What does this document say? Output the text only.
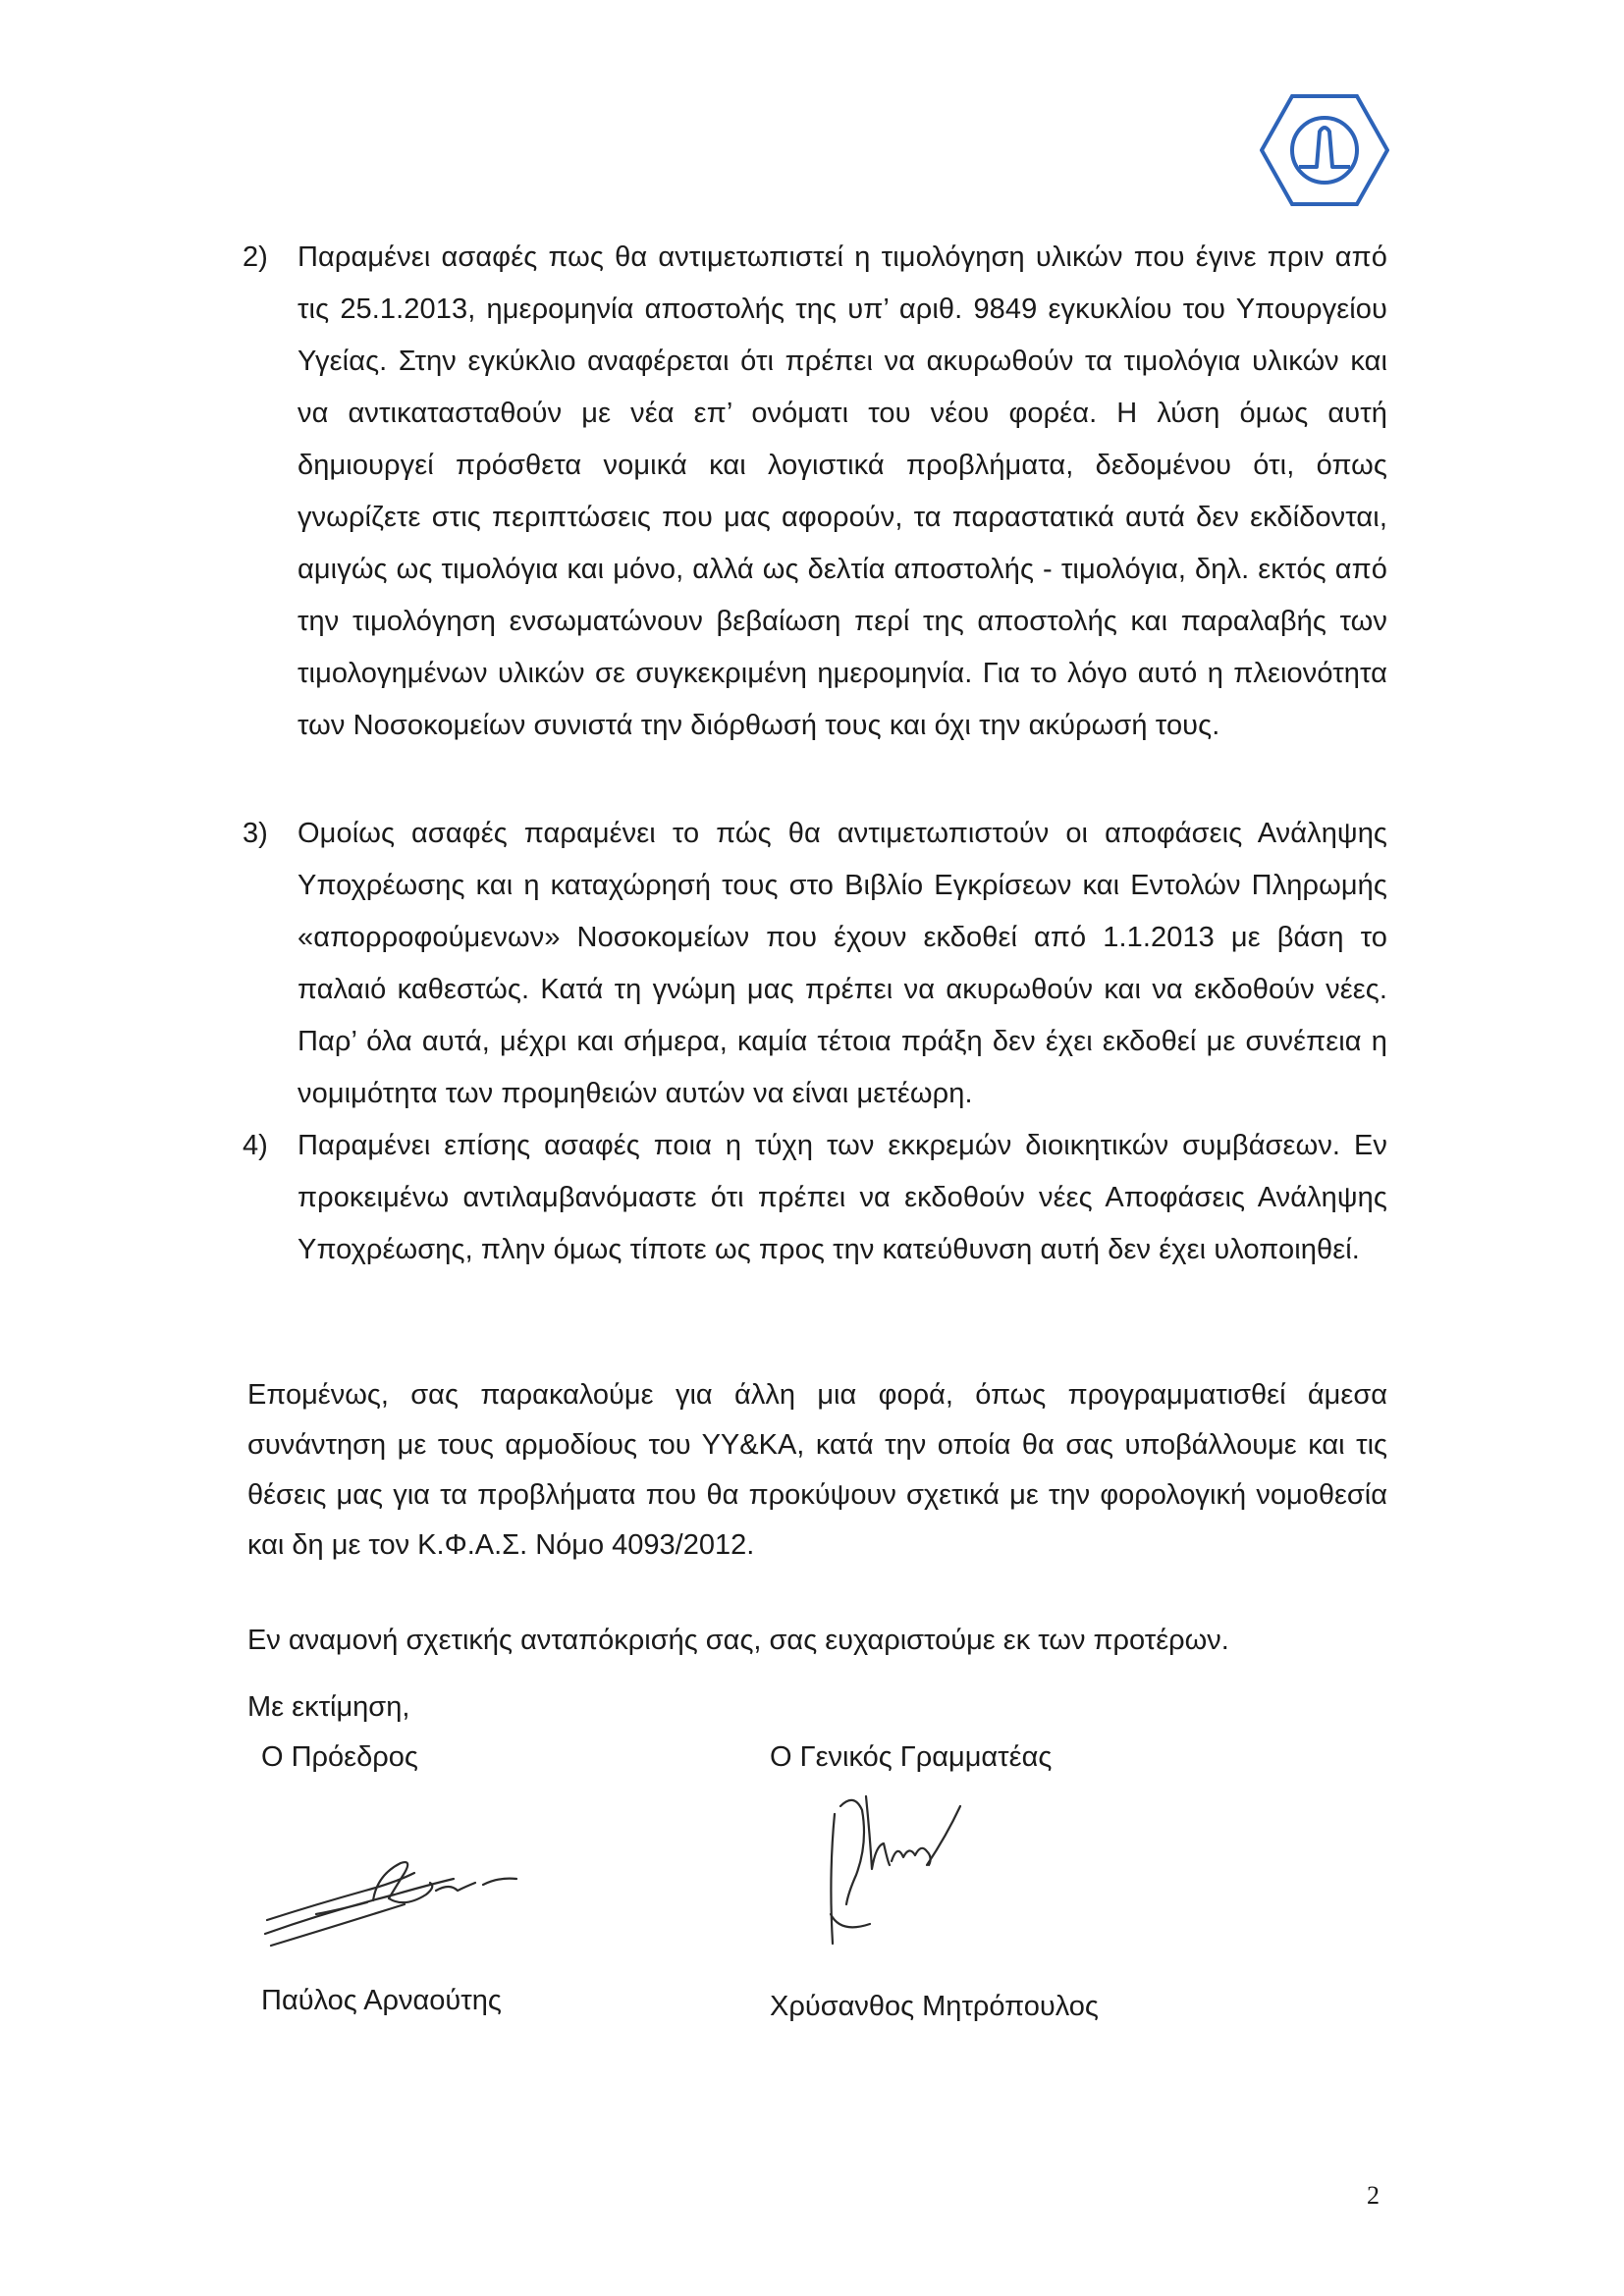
2) Παραμένει ασαφές πως θα αντιμετωπιστεί η τιμολόγηση υλικών που έγινε πριν από τις 25.1.2013, ημερομηνία αποστολής της υπ’ αριθ. 9849 εγκυκλίου του Υπουργείου Υγείας. Στην εγκύκλιο αναφέρεται ότι πρέπει να ακυρωθούν τα τιμολόγια υλικών και να αντικατασταθούν με νέα επ’ ονόματι του νέου φορέα. Η λύση όμως αυτή δημιουργεί πρόσθετα νομικά και λογιστικά προβλήματα, δεδομένου ότι, όπως γνωρίζετε στις περιπτώσεις που μας αφορούν, τα παραστατικά αυτά δεν εκδίδονται, αμιγώς ως τιμολόγια και μόνο, αλλά ως δελτία αποστολής - τιμολόγια, δηλ. εκτός από την τιμολόγηση ενσωματώνουν βεβαίωση περί της αποστολής και παραλαβής των τιμολογημένων υλικών σε συγκεκριμένη ημερομηνία. Για το λόγο αυτό η πλειονότητα των Νοσοκομείων συνιστά την διόρθωσή τους και όχι την ακύρωσή τους.
3) Ομοίως ασαφές παραμένει το πώς θα αντιμετωπιστούν οι αποφάσεις Ανάληψης Υποχρέωσης και η καταχώρησή τους στο Βιβλίο Εγκρίσεων και Εντολών Πληρωμής «απορροφούμενων» Νοσοκομείων που έχουν εκδοθεί από 1.1.2013 με βάση το παλαιό καθεστώς. Κατά τη γνώμη μας πρέπει να ακυρωθούν και να εκδοθούν νέες. Παρ’ όλα αυτά, μέχρι και σήμερα, καμία τέτοια πράξη δεν έχει εκδοθεί με συνέπεια η νομιμότητα των προμηθειών αυτών να είναι μετέωρη.
4) Παραμένει επίσης ασαφές ποια η τύχη των εκκρεμών διοικητικών συμβάσεων. Εν προκειμένω αντιλαμβανόμαστε ότι πρέπει να εκδοθούν νέες Αποφάσεις Ανάληψης Υποχρέωσης, πλην όμως τίποτε ως προς την κατεύθυνση αυτή δεν έχει υλοποιηθεί.
Επομένως, σας παρακαλούμε για άλλη μια φορά, όπως προγραμματισθεί άμεσα συνάντηση με τους αρμοδίους του ΥΥ&ΚΑ, κατά την οποία θα σας υποβάλλουμε και τις θέσεις μας για τα προβλήματα που θα προκύψουν σχετικά με την φορολογική νομοθεσία και δη με τον Κ.Φ.Α.Σ. Νόμο 4093/2012.
Εν αναμονή σχετικής ανταπόκρισής σας, σας ευχαριστούμε εκ των προτέρων.
Με εκτίμηση,
Ο Πρόεδρος	Ο Γενικός Γραμματέας
Παύλος Αρναούτης	Χρύσανθος Μητρόπουλος
2
